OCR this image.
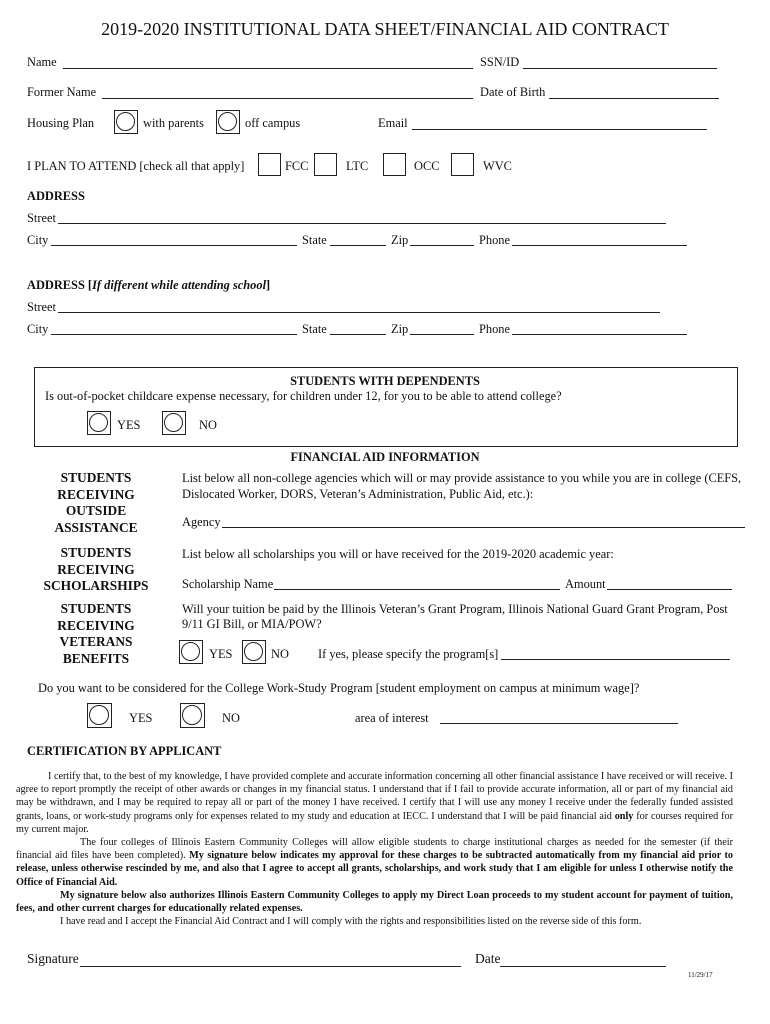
2019-2020 INSTITUTIONAL DATA SHEET/FINANCIAL AID CONTRACT
Name	SSN/ID
Former Name	Date of Birth
Housing Plan	with parents	off campus	Email
I PLAN TO ATTEND [check all that apply]	FCC	LTC	OCC	WVC
ADDRESS
Street
City	State	Zip	Phone
ADDRESS [If different while attending school]
Street
City	State	Zip	Phone
STUDENTS WITH DEPENDENTS
Is out-of-pocket childcare expense necessary, for children under 12, for you to be able to attend college?
YES	NO
FINANCIAL AID INFORMATION
STUDENTS
RECEIVING
OUTSIDE
ASSISTANCE
List below all non-college agencies which will or may provide assistance to you while you are in college (CEFS,
Dislocated Worker, DORS, Veteran’s Administration, Public Aid, etc.):
Agency
STUDENTS
RECEIVING
SCHOLARSHIPS
List below all scholarships you will or have received for the 2019-2020 academic year:
Scholarship Name	Amount
STUDENTS
RECEIVING
VETERANS
BENEFITS
Will your tuition be paid by the Illinois Veteran’s Grant Program, Illinois National Guard Grant Program, Post
9/11 GI Bill, or MIA/POW?
YES	NO If yes, please specify the program[s]
Do you want to be considered for the College Work-Study Program [student employment on campus at minimum wage]?
YES	NO	area of interest
CERTIFICATION BY APPLICANT

I certify that, to the best of my knowledge, I have provided complete and accurate information concerning all other financial assistance I have received or will receive. I agree to report promptly the receipt of other awards or changes in my financial status. I understand that if I fail to provide accurate information, all or part of my financial aid may be withdrawn, and I may be required to repay all or part of the money I have received. I certify that I will use any money I receive under the federally funded assisted grants, loans, or work-study programs only for expenses related to my study and education at IECC. I understand that I will be paid financial aid only for courses required for my current major.

The four colleges of Illinois Eastern Community Colleges will allow eligible students to charge institutional charges as needed for the semester (if their financial aid files have been completed). My signature below indicates my approval for these charges to be subtracted automatically from my financial aid prior to release, unless otherwise rescinded by me, and also that I agree to accept all grants, scholarships, and work study that I am eligible for unless I otherwise notify the Office of Financial Aid.

My signature below also authorizes Illinois Eastern Community Colleges to apply my Direct Loan proceeds to my student account for payment of tuition, fees, and other current charges for educationally related expenses.

I have read and I accept the Financial Aid Contract and I will comply with the rights and responsibilities listed on the reverse side of this form.

Signature	Date
11/29/17
